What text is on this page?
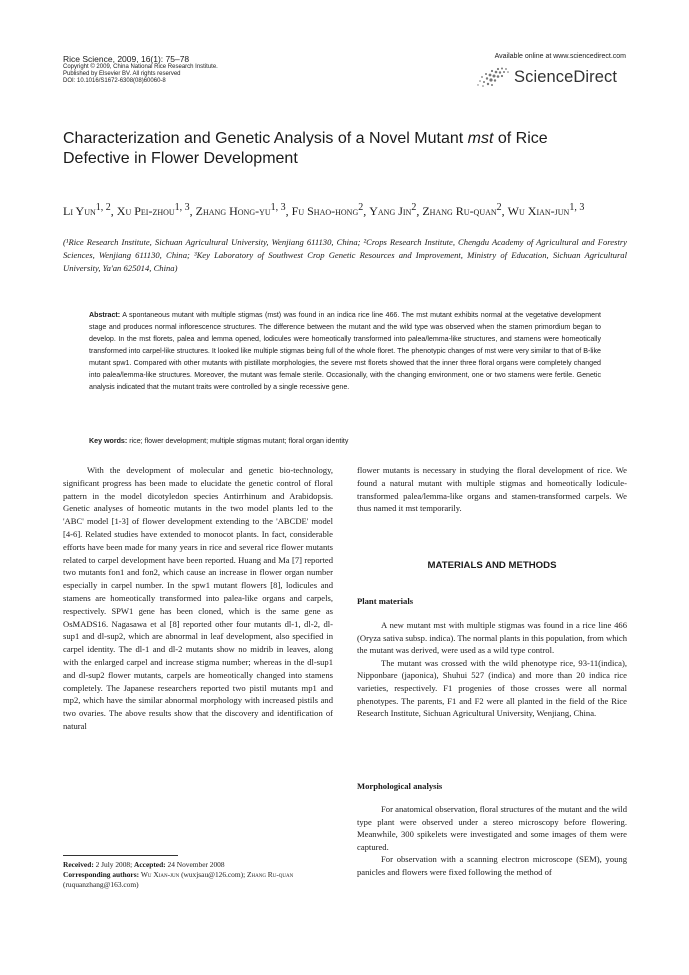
Rice Science, 2009, 16(1): 75–78
Copyright © 2009, China National Rice Research Institute.
Published by Elsevier BV. All rights reserved
DOI: 10.1016/S1672-6308(08)60060-8
Available online at www.sciencedirect.com
ScienceDirect
Characterization and Genetic Analysis of a Novel Mutant mst of Rice Defective in Flower Development
Li Yun$^{1, 2}$, Xu Pei-zhou$^{1, 3}$, Zhang Hong-yu$^{1, 3}$, Fu Shao-hong$^2$, Yang Jin$^2$, Zhang Ru-quan$^2$, Wu Xian-jun$^{1, 3}$
(¹Rice Research Institute, Sichuan Agricultural University, Wenjiang 611130, China; ²Crops Research Institute, Chengdu Academy of Agricultural and Forestry Sciences, Wenjiang 611130, China; ³Key Laboratory of Southwest Crop Genetic Resources and Improvement, Ministry of Education, Sichuan Agricultural University, Ya'an 625014, China)
Abstract: A spontaneous mutant with multiple stigmas (mst) was found in an indica rice line 466. The mst mutant exhibits normal at the vegetative development stage and produces normal inflorescence structures. The difference between the mutant and the wild type was observed when the stamen primordium began to develop. In the mst florets, palea and lemma opened, lodicules were homeotically transformed into palea/lemma-like structures, and stamens were homeotically transformed into carpel-like structures. It looked like multiple stigmas being full of the whole floret. The phenotypic changes of mst were very similar to that of B-like mutant spw1. Compared with other mutants with pistillate morphologies, the severe mst florets showed that the inner three floral organs were completely changed into palea/lemma-like structures. Moreover, the mutant was female sterile. Occasionally, with the changing environment, one or two stamens were fertile. Genetic analysis indicated that the mutant traits were controlled by a single recessive gene.
Key words: rice; flower development; multiple stigmas mutant; floral organ identity

With the development of molecular and genetic bio-technology, significant progress has been made to elucidate the genetic control of floral pattern in the model dicotyledon species Antirrhinum and Arabidopsis. Genetic analyses of homeotic mutants in the two model plants led to the 'ABC' model [1-3] of flower development extending to the 'ABCDE' model [4-6]. Related studies have extended to monocot plants. In fact, considerable efforts have been made for many years in rice and several rice flower mutants related to carpel development have been reported. Huang and Ma [7] reported two mutants fon1 and fon2, which cause an increase in flower organ number especially in carpel number. In the spw1 mutant flowers [8], lodicules and stamens are homeotically transformed into palea-like organs and carpels, respectively. SPW1 gene has been cloned, which is the same gene as OsMADS16. Nagasawa et al [8] reported other four mutants dl-1, dl-2, dl-sup1 and dl-sup2, which are abnormal in leaf development, also specified in carpel identity. The dl-1 and dl-2 mutants show no midrib in leaves, along with the enlarged carpel and increase stigma number; whereas in the dl-sup1 and dl-sup2 flower mutants, carpels are homeotically changed into stamens completely. The Japanese researchers reported two pistil mutants mp1 and mp2, which have the similar abnormal morphology with increased pistils and two ovaries. The above results show that the discovery and identification of natural

flower mutants is necessary in studying the floral development of rice. We found a natural mutant with multiple stigmas and homeotically lodicule-transformed palea/lemma-like organs and stamen-transformed carpels. We thus named it mst temporarily.

MATERIALS AND METHODS
Plant materials

A new mutant mst with multiple stigmas was found in a rice line 466 (Oryza sativa subsp. indica). The normal plants in this population, from which the mutant was derived, were used as a wild type control.

The mutant was crossed with the wild phenotype rice, 93-11(indica), Nipponbare (japonica), Shuhui 527 (indica) and more than 20 indica rice varieties, respectively. F1 progenies of those crosses were all normal phenotypes. The parents, F1 and F2 were all planted in the field of the Rice Research Institute, Sichuan Agricultural University, Wenjiang, China.

Morphological analysis

For anatomical observation, floral structures of the mutant and the wild type plant were observed under a stereo microscopy before flowering. Meanwhile, 300 spikelets were investigated and some images of them were captured.

For observation with a scanning electron microscope (SEM), young panicles and flowers were fixed following the method of

Received: 2 July 2008; Accepted: 24 November 2008
Corresponding authors: Wu Xian-jun (wuxjsau@126.com); Zhang Ru-quan (ruquanzhang@163.com)
